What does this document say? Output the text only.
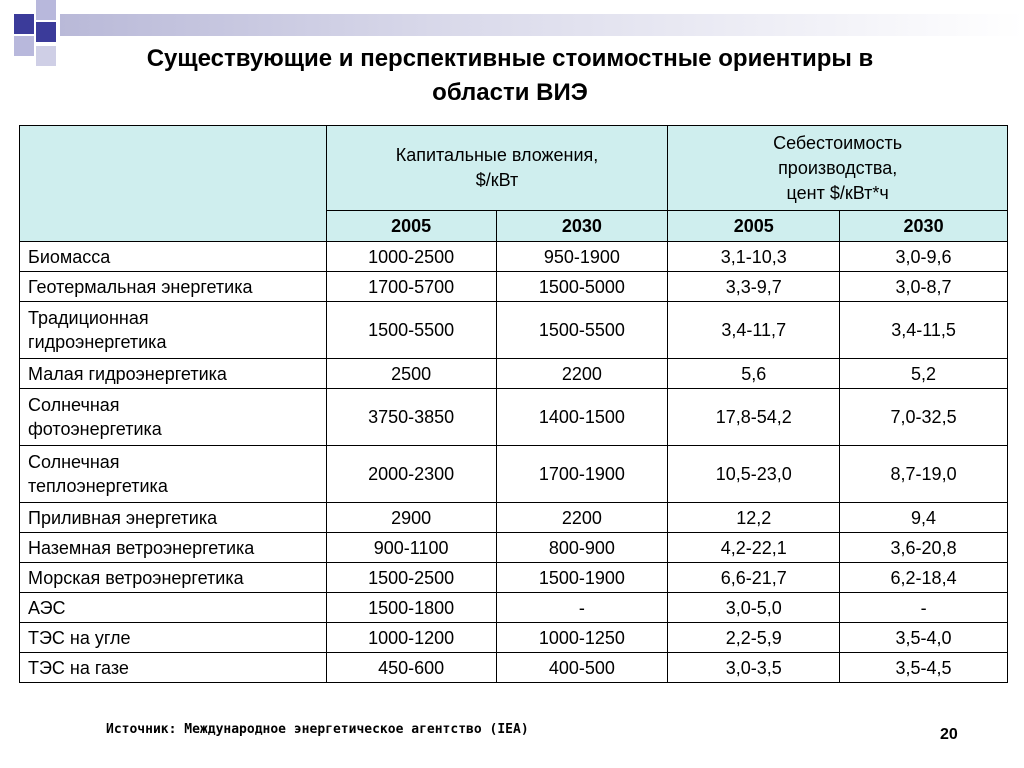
Существующие и перспективные стоимостные ориентиры в
области ВИЭ
	Капитальные вложения,
$/кВт		Себестоимость
производства,
цент $/кВт*ч	
	2005	2030	2005	2030
Биомасса	1000-2500	950-1900	3,1-10,3	3,0-9,6
Геотермальная энергетика	1700-5700	1500-5000	3,3-9,7	3,0-8,7
Традиционная
гидроэнергетика	1500-5500	1500-5500	3,4-11,7	3,4-11,5
Малая гидроэнергетика	2500	2200	5,6	5,2
Солнечная
фотоэнергетика	3750-3850	1400-1500	17,8-54,2	7,0-32,5
Солнечная
теплоэнергетика	2000-2300	1700-1900	10,5-23,0	8,7-19,0
Приливная энергетика	2900	2200	12,2	9,4
Наземная ветроэнергетика	900-1100	800-900	4,2-22,1	3,6-20,8
Морская ветроэнергетика	1500-2500	1500-1900	6,6-21,7	6,2-18,4
АЭС	1500-1800	-	3,0-5,0	-
ТЭС на угле	1000-1200	1000-1250	2,2-5,9	3,5-4,0
ТЭС на газе	450-600	400-500	3,0-3,5	3,5-4,5
Источник: Международное энергетическое агентство (IEA)	20
